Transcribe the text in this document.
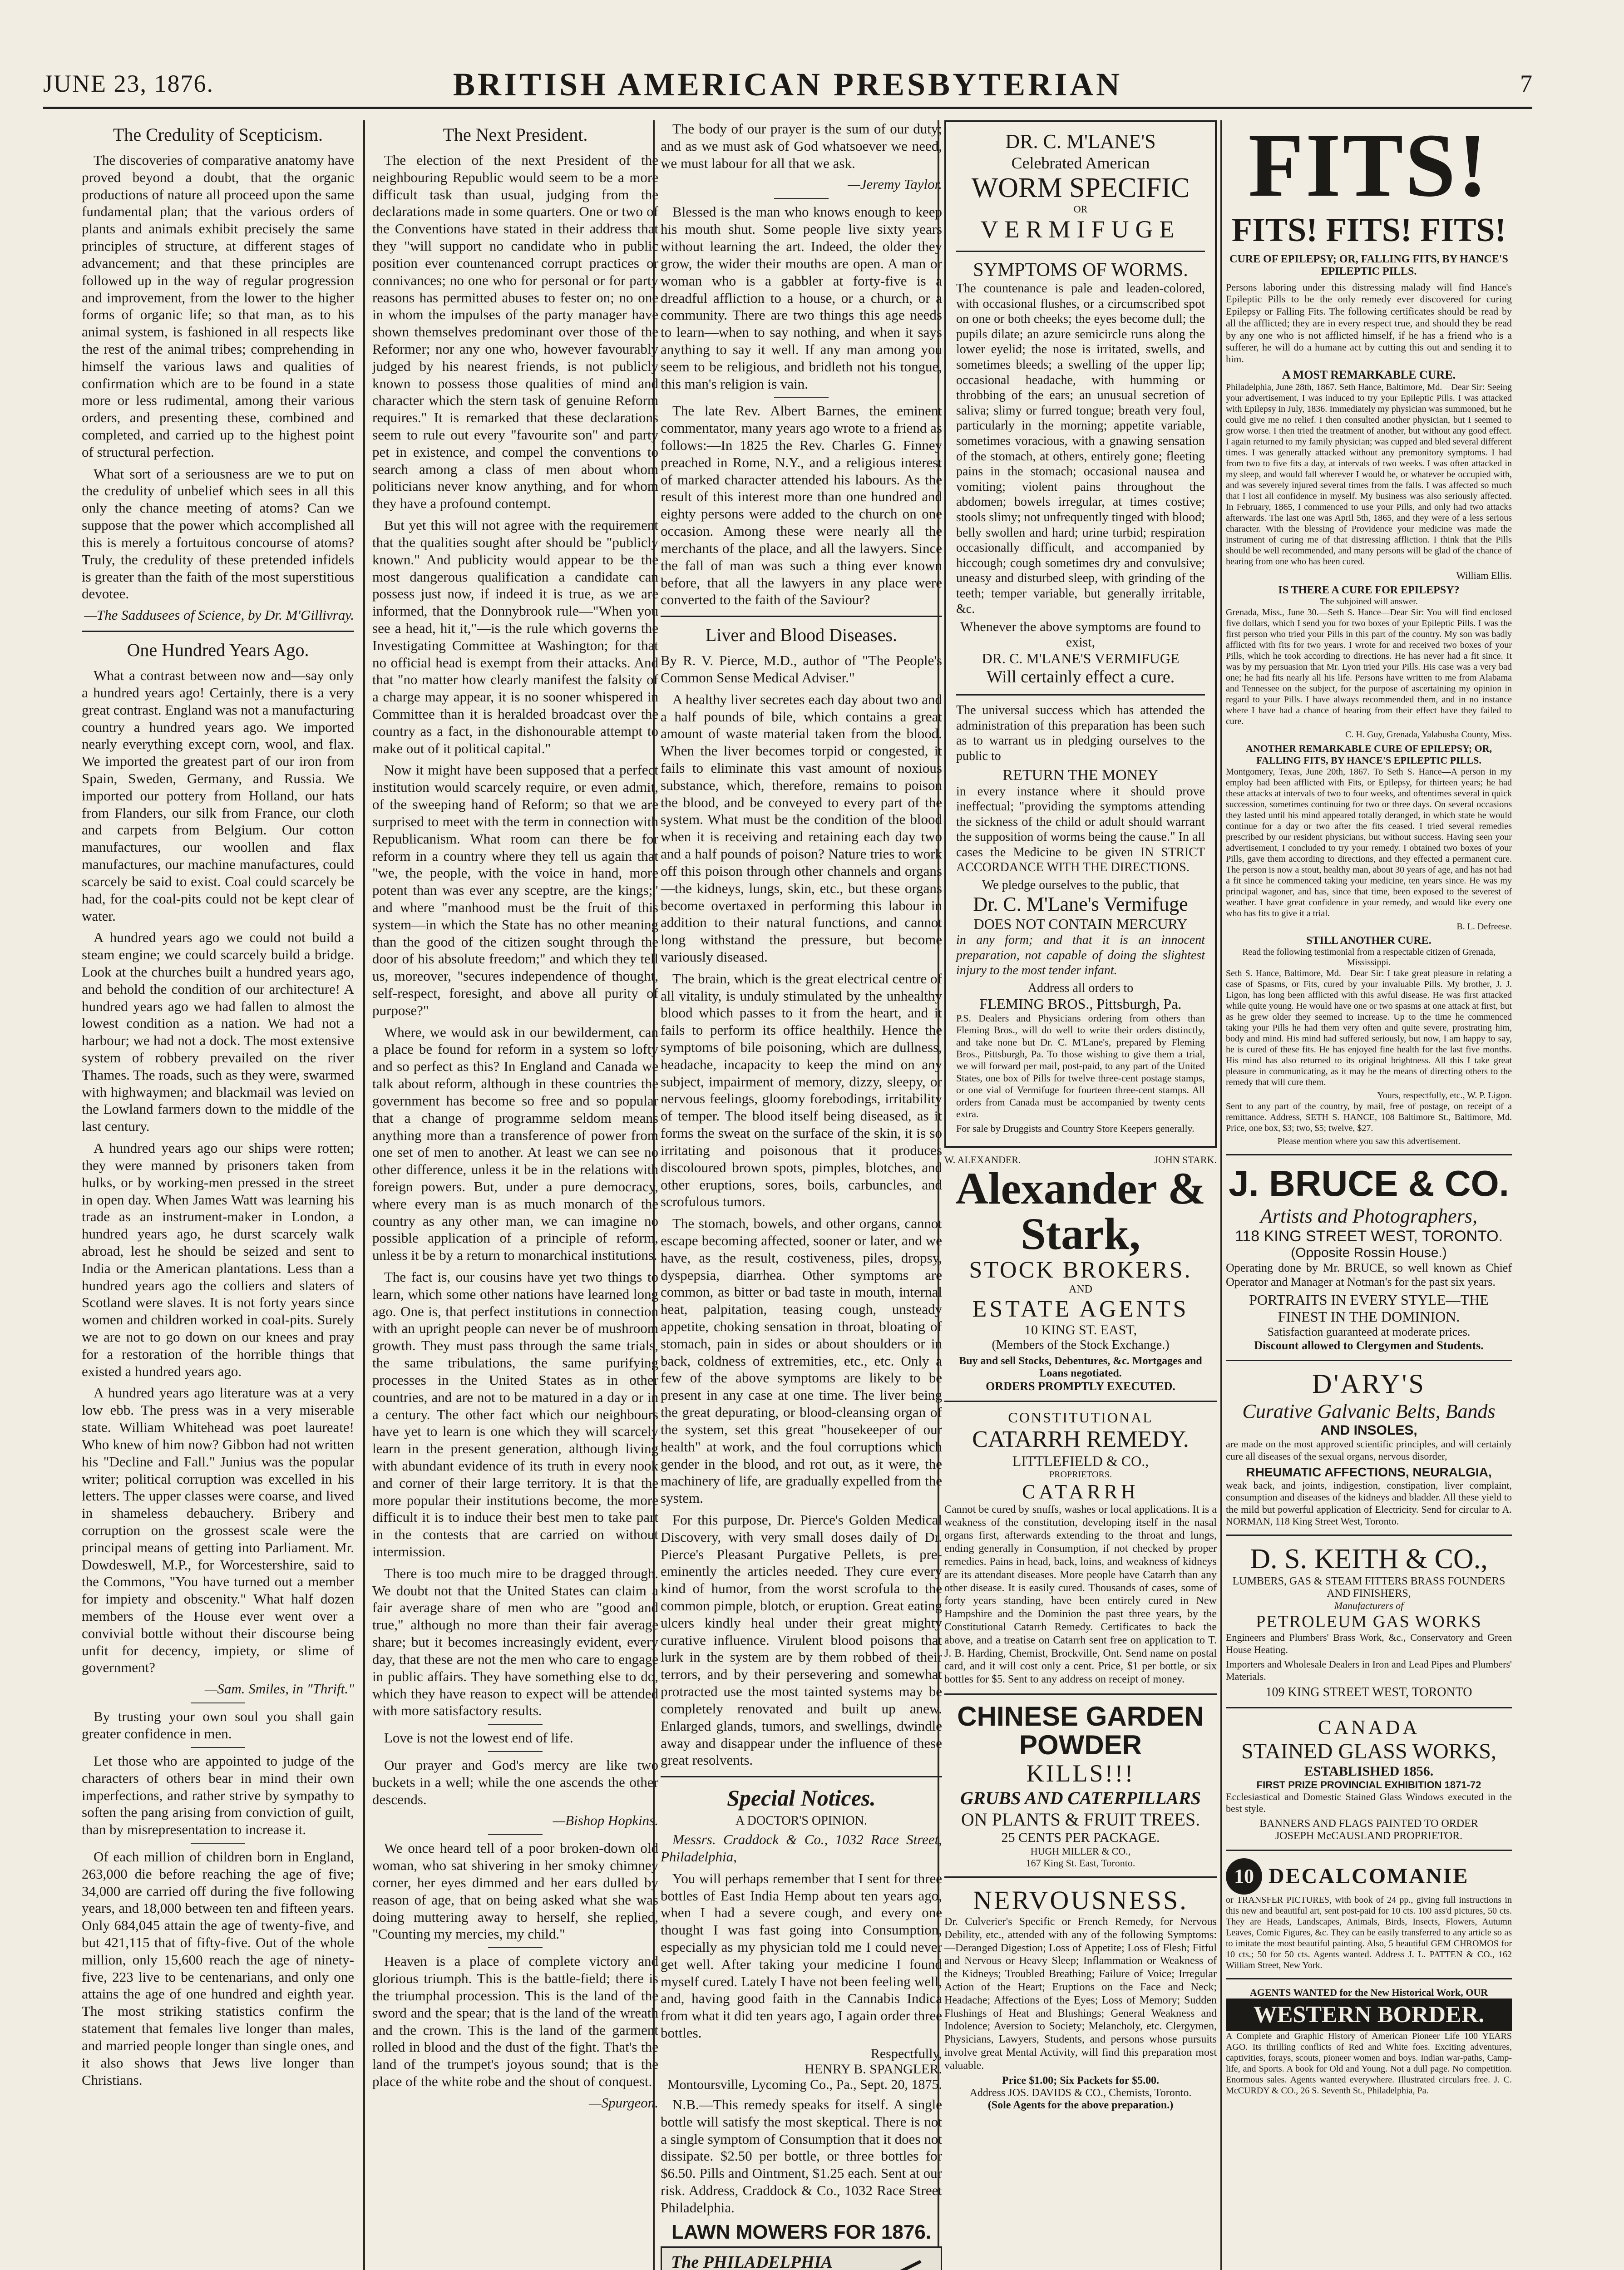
JUNE 23, 1876.	BRITISH AMERICAN PRESBYTERIAN	7
The Credulity of Scepticism.

The discoveries of comparative anatomy have proved beyond a doubt, that the organic productions of nature all proceed upon the same fundamental plan; that the various orders of plants and animals exhibit precisely the same principles of structure, at different stages of advancement; and that these principles are followed up in the way of regular progression and improvement, from the lower to the higher forms of organic life; so that man, as to his animal system, is fashioned in all respects like the rest of the animal tribes; comprehending in himself the various laws and qualities of confirmation which are to be found in a state more or less rudimental, among their various orders, and presenting these, combined and completed, and carried up to the highest point of structural perfection.

What sort of a seriousness are we to put on the credulity of unbelief which sees in all this only the chance meeting of atoms? Can we suppose that the power which accomplished all this is merely a fortuitous concourse of atoms? Truly, the credulity of these pretended infidels is greater than the faith of the most superstitious devotee.

—The Saddusees of Science, by Dr. M'Gillivray.

One Hundred Years Ago.

What a contrast between now and—say only a hundred years ago! Certainly, there is a very great contrast. England was not a manufacturing country a hundred years ago. We imported nearly everything except corn, wool, and flax. We imported the greatest part of our iron from Spain, Sweden, Germany, and Russia. We imported our pottery from Holland, our hats from Flanders, our silk from France, our cloth and carpets from Belgium. Our cotton manufactures, our woollen and flax manufactures, our machine manufactures, could scarcely be said to exist. Coal could scarcely be had, for the coal-pits could not be kept clear of water.

A hundred years ago we could not build a steam engine; we could scarcely build a bridge. Look at the churches built a hundred years ago, and behold the condition of our architecture! A hundred years ago we had fallen to almost the lowest condition as a nation. We had not a harbour; we had not a dock. The most extensive system of robbery prevailed on the river Thames. The roads, such as they were, swarmed with highwaymen; and blackmail was levied on the Lowland farmers down to the middle of the last century.

A hundred years ago our ships were rotten; they were manned by prisoners taken from hulks, or by working-men pressed in the street in open day. When James Watt was learning his trade as an instrument-maker in London, a hundred years ago, he durst scarcely walk abroad, lest he should be seized and sent to India or the American plantations. Less than a hundred years ago the colliers and slaters of Scotland were slaves. It is not forty years since women and children worked in coal-pits. Surely we are not to go down on our knees and pray for a restoration of the horrible things that existed a hundred years ago.

A hundred years ago literature was at a very low ebb. The press was in a very miserable state. William Whitehead was poet laureate! Who knew of him now? Gibbon had not written his "Decline and Fall." Junius was the popular writer; political corruption was excelled in his letters. The upper classes were coarse, and lived in shameless debauchery. Bribery and corruption on the grossest scale were the principal means of getting into Parliament. Mr. Dowdeswell, M.P., for Worcestershire, said to the Commons, "You have turned out a member for impiety and obscenity." What half dozen members of the House ever went over a convivial bottle without their discourse being unfit for decency, impiety, or slime of government?

—Sam. Smiles, in "Thrift."

By trusting your own soul you shall gain greater confidence in men.

Let those who are appointed to judge of the characters of others bear in mind their own imperfections, and rather strive by sympathy to soften the pang arising from conviction of guilt, than by misrepresentation to increase it.

Of each million of children born in England, 263,000 die before reaching the age of five; 34,000 are carried off during the five following years, and 18,000 between ten and fifteen years. Only 684,045 attain the age of twenty-five, and but 421,115 that of fifty-five. Out of the whole million, only 15,600 reach the age of ninety-five, 223 live to be centenarians, and only one attains the age of one hundred and eighth year. The most striking statistics confirm the statement that females live longer than males, and married people longer than single ones, and it also shows that Jews live longer than Christians.

The Next President.

The election of the next President of the neighbouring Republic would seem to be a more difficult task than usual, judging from the declarations made in some quarters. One or two of the Conventions have stated in their address that they "will support no candidate who in public position ever countenanced corrupt practices or connivances; no one who for personal or for party reasons has permitted abuses to fester on; no one in whom the impulses of the party manager have shown themselves predominant over those of the Reformer; nor any one who, however favourably judged by his nearest friends, is not publicly known to possess those qualities of mind and character which the stern task of genuine Reform requires." It is remarked that these declarations seem to rule out every "favourite son" and party pet in existence, and compel the conventions to search among a class of men about whom politicians never know anything, and for whom they have a profound contempt.

But yet this will not agree with the requirement that the qualities sought after should be "publicly known." And publicity would appear to be the most dangerous qualification a candidate can possess just now, if indeed it is true, as we are informed, that the Donnybrook rule—"When you see a head, hit it,"—is the rule which governs the Investigating Committee at Washington; for that no official head is exempt from their attacks. And that "no matter how clearly manifest the falsity of a charge may appear, it is no sooner whispered in Committee than it is heralded broadcast over the country as a fact, in the dishonourable attempt to make out of it political capital."

Now it might have been supposed that a perfect institution would scarcely require, or even admit, of the sweeping hand of Reform; so that we are surprised to meet with the term in connection with Republicanism. What room can there be for reform in a country where they tell us again that "we, the people, with the voice in hand, more potent than was ever any sceptre, are the kings;" and where "manhood must be the fruit of this system—in which the State has no other meaning than the good of the citizen sought through the door of his absolute freedom;" and which they tell us, moreover, "secures independence of thought, self-respect, foresight, and above all purity of purpose?"

Where, we would ask in our bewilderment, can a place be found for reform in a system so lofty and so perfect as this? In England and Canada we talk about reform, although in these countries the government has become so free and so popular that a change of programme seldom means anything more than a transference of power from one set of men to another. At least we can see no other difference, unless it be in the relations with foreign powers. But, under a pure democracy, where every man is as much monarch of the country as any other man, we can imagine no possible application of a principle of reform, unless it be by a return to monarchical institutions.

The fact is, our cousins have yet two things to learn, which some other nations have learned long ago. One is, that perfect institutions in connection with an upright people can never be of mushroom growth. They must pass through the same trials, the same tribulations, the same purifying processes in the United States as in other countries, and are not to be matured in a day or in a century. The other fact which our neighbours have yet to learn is one which they will scarcely learn in the present generation, although living with abundant evidence of its truth in every nook and corner of their large territory. It is that the more popular their institutions become, the more difficult it is to induce their best men to take part in the contests that are carried on without intermission.

There is too much mire to be dragged through. We doubt not that the United States can claim a fair average share of men who are "good and true," although no more than their fair average share; but it becomes increasingly evident, every day, that these are not the men who care to engage in public affairs. They have something else to do, which they have reason to expect will be attended with more satisfactory results.

Love is not the lowest end of life.

Our prayer and God's mercy are like two buckets in a well; while the one ascends the other descends.

—Bishop Hopkins.

We once heard tell of a poor broken-down old woman, who sat shivering in her smoky chimney corner, her eyes dimmed and her ears dulled by reason of age, that on being asked what she was doing muttering away to herself, she replied, "Counting my mercies, my child."

Heaven is a place of complete victory and glorious triumph. This is the battle-field; there is the triumphal procession. This is the land of the sword and the spear; that is the land of the wreath and the crown. This is the land of the garment rolled in blood and the dust of the fight. That's the land of the trumpet's joyous sound; that is the place of the white robe and the shout of conquest.

—Spurgeon.

The body of our prayer is the sum of our duty; and as we must ask of God whatsoever we need, we must labour for all that we ask.

—Jeremy Taylor.

Blessed is the man who knows enough to keep his mouth shut. Some people live sixty years without learning the art. Indeed, the older they grow, the wider their mouths are open. A man or woman who is a gabbler at forty-five is a dreadful affliction to a house, or a church, or a community. There are two things this age needs to learn—when to say nothing, and when it says anything to say it well. If any man among you seem to be religious, and bridleth not his tongue, this man's religion is vain.

The late Rev. Albert Barnes, the eminent commentator, many years ago wrote to a friend as follows:—In 1825 the Rev. Charles G. Finney preached in Rome, N.Y., and a religious interest of marked character attended his labours. As the result of this interest more than one hundred and eighty persons were added to the church on one occasion. Among these were nearly all the merchants of the place, and all the lawyers. Since the fall of man was such a thing ever known before, that all the lawyers in any place were converted to the faith of the Saviour?

Liver and Blood Diseases.

By R. V. Pierce, M.D., author of "The People's Common Sense Medical Adviser."

A healthy liver secretes each day about two and a half pounds of bile, which contains a great amount of waste material taken from the blood. When the liver becomes torpid or congested, it fails to eliminate this vast amount of noxious substance, which, therefore, remains to poison the blood, and be conveyed to every part of the system. What must be the condition of the blood when it is receiving and retaining each day two and a half pounds of poison? Nature tries to work off this poison through other channels and organs—the kidneys, lungs, skin, etc., but these organs become overtaxed in performing this labour in addition to their natural functions, and cannot long withstand the pressure, but become variously diseased.

The brain, which is the great electrical centre of all vitality, is unduly stimulated by the unhealthy blood which passes to it from the heart, and it fails to perform its office healthily. Hence the symptoms of bile poisoning, which are dullness, headache, incapacity to keep the mind on any subject, impairment of memory, dizzy, sleepy, or nervous feelings, gloomy forebodings, irritability of temper. The blood itself being diseased, as it forms the sweat on the surface of the skin, it is so irritating and poisonous that it produces discoloured brown spots, pimples, blotches, and other eruptions, sores, boils, carbuncles, and scrofulous tumors.

The stomach, bowels, and other organs, cannot escape becoming affected, sooner or later, and we have, as the result, costiveness, piles, dropsy, dyspepsia, diarrhea. Other symptoms are common, as bitter or bad taste in mouth, internal heat, palpitation, teasing cough, unsteady appetite, choking sensation in throat, bloating of stomach, pain in sides or about shoulders or in back, coldness of extremities, etc., etc. Only a few of the above symptoms are likely to be present in any case at one time. The liver being the great depurating, or blood-cleansing organ of the system, set this great "housekeeper of our health" at work, and the foul corruptions which gender in the blood, and rot out, as it were, the machinery of life, are gradually expelled from the system.

For this purpose, Dr. Pierce's Golden Medical Discovery, with very small doses daily of Dr. Pierce's Pleasant Purgative Pellets, is pre-eminently the articles needed. They cure every kind of humor, from the worst scrofula to the common pimple, blotch, or eruption. Great eating ulcers kindly heal under their great mighty curative influence. Virulent blood poisons that lurk in the system are by them robbed of their terrors, and by their persevering and somewhat protracted use the most tainted systems may be completely renovated and built up anew. Enlarged glands, tumors, and swellings, dwindle away and disappear under the influence of these great resolvents.

Special Notices.
A DOCTOR'S OPINION.

Messrs. Craddock & Co., 1032 Race Street, Philadelphia,

You will perhaps remember that I sent for three bottles of East India Hemp about ten years ago, when I had a severe cough, and every one thought I was fast going into Consumption, especially as my physician told me I could never get well. After taking your medicine I found myself cured. Lately I have not been feeling well, and, having good faith in the Cannabis Indica from what it did ten years ago, I again order three bottles.

Respectfully,
HENRY B. SPANGLER.
Montoursville, Lycoming Co., Pa., Sept. 20, 1875.

N.B.—This remedy speaks for itself. A single bottle will satisfy the most skeptical. There is not a single symptom of Consumption that it does not dissipate. $2.50 per bottle, or three bottles for $6.50. Pills and Ointment, $1.25 each. Sent at our risk. Address, Craddock & Co., 1032 Race Street Philadelphia.

LAWN MOWERS FOR 1876.
The PHILADELPHIA

DR. C. M'LANE'S
Celebrated American
WORM SPECIFIC
OR
VERMIFUGE
SYMPTOMS OF WORMS.

The countenance is pale and leaden-colored, with occasional flushes, or a circumscribed spot on one or both cheeks; the eyes become dull; the pupils dilate; an azure semicircle runs along the lower eyelid; the nose is irritated, swells, and sometimes bleeds; a swelling of the upper lip; occasional headache, with humming or throbbing of the ears; an unusual secretion of saliva; slimy or furred tongue; breath very foul, particularly in the morning; appetite variable, sometimes voracious, with a gnawing sensation of the stomach, at others, entirely gone; fleeting pains in the stomach; occasional nausea and vomiting; violent pains throughout the abdomen; bowels irregular, at times costive; stools slimy; not unfrequently tinged with blood; belly swollen and hard; urine turbid; respiration occasionally difficult, and accompanied by hiccough; cough sometimes dry and convulsive; uneasy and disturbed sleep, with grinding of the teeth; temper variable, but generally irritable, &c.

Whenever the above symptoms are found to exist,
DR. C. M'LANE'S VERMIFUGE
Will certainly effect a cure.

The universal success which has attended the administration of this preparation has been such as to warrant us in pledging ourselves to the public to

RETURN THE MONEY

in every instance where it should prove ineffectual; "providing the symptoms attending the sickness of the child or adult should warrant the supposition of worms being the cause." In all cases the Medicine to be given IN STRICT ACCORDANCE WITH THE DIRECTIONS.

We pledge ourselves to the public, that
Dr. C. M'Lane's Vermifuge
DOES NOT CONTAIN MERCURY

in any form; and that it is an innocent preparation, not capable of doing the slightest injury to the most tender infant.

Address all orders to
FLEMING BROS., Pittsburgh, Pa.

P.S. Dealers and Physicians ordering from others than Fleming Bros., will do well to write their orders distinctly, and take none but Dr. C. M'Lane's, prepared by Fleming Bros., Pittsburgh, Pa. To those wishing to give them a trial, we will forward per mail, post-paid, to any part of the United States, one box of Pills for twelve three-cent postage stamps, or one vial of Vermifuge for fourteen three-cent stamps. All orders from Canada must be accompanied by twenty cents extra.

For sale by Druggists and Country Store Keepers generally.

W. ALEXANDER.	JOHN STARK.
Alexander & Stark,
STOCK BROKERS.
AND
ESTATE AGENTS
10 KING ST. EAST,
(Members of the Stock Exchange.)
Buy and sell Stocks, Debentures, &c. Mortgages and Loans negotiated.
ORDERS PROMPTLY EXECUTED.
CONSTITUTIONAL
CATARRH REMEDY.
LITTLEFIELD & CO.,
PROPRIETORS.
CATARRH

Cannot be cured by snuffs, washes or local applications. It is a weakness of the constitution, developing itself in the nasal organs first, afterwards extending to the throat and lungs, ending generally in Consumption, if not checked by proper remedies. Pains in head, back, loins, and weakness of kidneys are its attendant diseases. More people have Catarrh than any other disease. It is easily cured. Thousands of cases, some of forty years standing, have been entirely cured in New Hampshire and the Dominion the past three years, by the Constitutional Catarrh Remedy. Certificates to back the above, and a treatise on Catarrh sent free on application to T. J. B. Harding, Chemist, Brockville, Ont. Send name on postal card, and it will cost only a cent. Price, $1 per bottle, or six bottles for $5. Sent to any address on receipt of money.

CHINESE GARDEN POWDER
KILLS!!!
GRUBS AND CATERPILLARS
ON PLANTS & FRUIT TREES.
25 CENTS PER PACKAGE.
HUGH MILLER & CO.,
167 King St. East, Toronto.
NERVOUSNESS.

Dr. Culverier's Specific or French Remedy, for Nervous Debility, etc., attended with any of the following Symptoms:—Deranged Digestion; Loss of Appetite; Loss of Flesh; Fitful and Nervous or Heavy Sleep; Inflammation or Weakness of the Kidneys; Troubled Breathing; Failure of Voice; Irregular Action of the Heart; Eruptions on the Face and Neck; Headache; Affections of the Eyes; Loss of Memory; Sudden Flushings of Heat and Blushings; General Weakness and Indolence; Aversion to Society; Melancholy, etc. Clergymen, Physicians, Lawyers, Students, and persons whose pursuits involve great Mental Activity, will find this preparation most valuable.

Price $1.00; Six Packets for $5.00.
Address JOS. DAVIDS & CO., Chemists, Toronto.
(Sole Agents for the above preparation.)
FITS!
FITS! FITS! FITS!
CURE OF EPILEPSY; OR, FALLING FITS, BY HANCE'S EPILEPTIC PILLS.

Persons laboring under this distressing malady will find Hance's Epileptic Pills to be the only remedy ever discovered for curing Epilepsy or Falling Fits. The following certificates should be read by all the afflicted; they are in every respect true, and should they be read by any one who is not afflicted himself, if he has a friend who is a sufferer, he will do a humane act by cutting this out and sending it to him.

A MOST REMARKABLE CURE.

Philadelphia, June 28th, 1867. Seth Hance, Baltimore, Md.—Dear Sir: Seeing your advertisement, I was induced to try your Epileptic Pills. I was attacked with Epilepsy in July, 1836. Immediately my physician was summoned, but he could give me no relief. I then consulted another physician, but I seemed to grow worse. I then tried the treatment of another, but without any good effect. I again returned to my family physician; was cupped and bled several different times. I was generally attacked without any premonitory symptoms. I had from two to five fits a day, at intervals of two weeks. I was often attacked in my sleep, and would fall wherever I would be, or whatever be occupied with, and was severely injured several times from the falls. I was affected so much that I lost all confidence in myself. My business was also seriously affected. In February, 1865, I commenced to use your Pills, and only had two attacks afterwards. The last one was April 5th, 1865, and they were of a less serious character. With the blessing of Providence your medicine was made the instrument of curing me of that distressing affliction. I think that the Pills should be well recommended, and many persons will be glad of the chance of hearing from one who has been cured.

William Ellis.
IS THERE A CURE FOR EPILEPSY?
The subjoined will answer.

Grenada, Miss., June 30.—Seth S. Hance—Dear Sir: You will find enclosed five dollars, which I send you for two boxes of your Epileptic Pills. I was the first person who tried your Pills in this part of the country. My son was badly afflicted with fits for two years. I wrote for and received two boxes of your Pills, which he took according to directions. He has never had a fit since. It was by my persuasion that Mr. Lyon tried your Pills. His case was a very bad one; he had fits nearly all his life. Persons have written to me from Alabama and Tennessee on the subject, for the purpose of ascertaining my opinion in regard to your Pills. I have always recommended them, and in no instance where I have had a chance of hearing from their effect have they failed to cure.

C. H. Guy, Grenada, Yalabusha County, Miss.
ANOTHER REMARKABLE CURE OF EPILEPSY; OR, FALLING FITS, BY HANCE'S EPILEPTIC PILLS.

Montgomery, Texas, June 20th, 1867. To Seth S. Hance—A person in my employ had been afflicted with Fits, or Epilepsy, for thirteen years; he had these attacks at intervals of two to four weeks, and oftentimes several in quick succession, sometimes continuing for two or three days. On several occasions they lasted until his mind appeared totally deranged, in which state he would continue for a day or two after the fits ceased. I tried several remedies prescribed by our resident physicians, but without success. Having seen your advertisement, I concluded to try your remedy. I obtained two boxes of your Pills, gave them according to directions, and they effected a permanent cure. The person is now a stout, healthy man, about 30 years of age, and has not had a fit since he commenced taking your medicine, ten years since. He was my principal wagoner, and has, since that time, been exposed to the severest of weather. I have great confidence in your remedy, and would like every one who has fits to give it a trial.

B. L. Defreese.
STILL ANOTHER CURE.
Read the following testimonial from a respectable citizen of Grenada, Mississippi.

Seth S. Hance, Baltimore, Md.—Dear Sir: I take great pleasure in relating a case of Spasms, or Fits, cured by your invaluable Pills. My brother, J. J. Ligon, has long been afflicted with this awful disease. He was first attacked while quite young. He would have one or two spasms at one attack at first, but as he grew older they seemed to increase. Up to the time he commenced taking your Pills he had them very often and quite severe, prostrating him, body and mind. His mind had suffered seriously, but now, I am happy to say, he is cured of these fits. He has enjoyed fine health for the last five months. His mind has also returned to its original brightness. All this I take great pleasure in communicating, as it may be the means of directing others to the remedy that will cure them.

Yours, respectfully, etc., W. P. Ligon.

Sent to any part of the country, by mail, free of postage, on receipt of a remittance. Address, SETH S. HANCE, 108 Baltimore St., Baltimore, Md. Price, one box, $3; two, $5; twelve, $27.

Please mention where you saw this advertisement.
J. BRUCE & CO.
Artists and Photographers,
118 KING STREET WEST, TORONTO.
(Opposite Rossin House.)

Operating done by Mr. BRUCE, so well known as Chief Operator and Manager at Notman's for the past six years.

PORTRAITS IN EVERY STYLE—THE FINEST IN THE DOMINION.
Satisfaction guaranteed at moderate prices.
Discount allowed to Clergymen and Students.
D'ARY'S
Curative Galvanic Belts, Bands
AND INSOLES,

are made on the most approved scientific principles, and will certainly cure all diseases of the sexual organs, nervous disorder,

RHEUMATIC AFFECTIONS, NEURALGIA,

weak back, and joints, indigestion, constipation, liver complaint, consumption and diseases of the kidneys and bladder. All these yield to the mild but powerful application of Electricity. Send for circular to A. NORMAN, 118 King Street West, Toronto.

D. S. KEITH & CO.,
LUMBERS, GAS & STEAM FITTERS BRASS FOUNDERS AND FINISHERS,
Manufacturers of
PETROLEUM GAS WORKS

Engineers and Plumbers' Brass Work, &c., Conservatory and Green House Heating.

Importers and Wholesale Dealers in Iron and Lead Pipes and Plumbers' Materials.

109 KING STREET WEST, TORONTO
CANADA
STAINED GLASS WORKS,
ESTABLISHED 1856.
FIRST PRIZE PROVINCIAL EXHIBITION 1871-72

Ecclesiastical and Domestic Stained Glass Windows executed in the best style.

BANNERS AND FLAGS PAINTED TO ORDER
JOSEPH McCAUSLAND PROPRIETOR.
10 DECALCOMANIE

or TRANSFER PICTURES, with book of 24 pp., giving full instructions in this new and beautiful art, sent post-paid for 10 cts. 100 ass'd pictures, 50 cts. They are Heads, Landscapes, Animals, Birds, Insects, Flowers, Autumn Leaves, Comic Figures, &c. They can be easily transferred to any article so as to imitate the most beautiful painting. Also, 5 beautiful GEM CHROMOS for 10 cts.; 50 for 50 cts. Agents wanted. Address J. L. PATTEN & CO., 162 William Street, New York.

AGENTS WANTED for the New Historical Work, OUR
WESTERN BORDER.

A Complete and Graphic History of American Pioneer Life 100 YEARS AGO. Its thrilling conflicts of Red and White foes. Exciting adventures, captivities, forays, scouts, pioneer women and boys. Indian war-paths, Camp-life, and Sports. A book for Old and Young. Not a dull page. No competition. Enormous sales. Agents wanted everywhere. Illustrated circulars free. J. C. McCURDY & CO., 26 S. Seventh St., Philadelphia, Pa.
